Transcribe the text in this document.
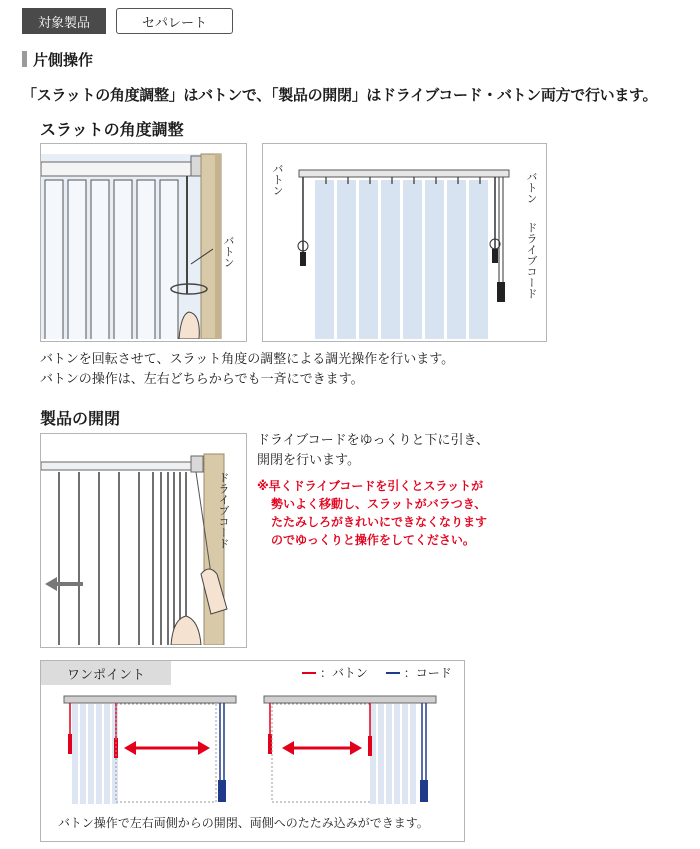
対象製品	セパレート
片側操作
「スラットの角度調整」はバトンで、「製品の開閉」はドライブコード・バトン両方で行います。
スラットの角度調整
バトン
バトン	バトン
ドライブコード
バトンを回転させて、スラット角度の調整による調光操作を行います。
バトンの操作は、左右どちらからでも一斉にできます。
製品の開閉
ドライブコード
ドライブコードをゆっくりと下に引き、
開閉を行います。
※早くドライブコードを引くとスラットが
勢いよく移動し、スラットがバラつき、
たたみしろがきれいにできなくなります
のでゆっくりと操作をしてください。
ワンポイント	：バトン	：コード
バトン操作で左右両側からの開閉、両側へのたたみ込みができます。
